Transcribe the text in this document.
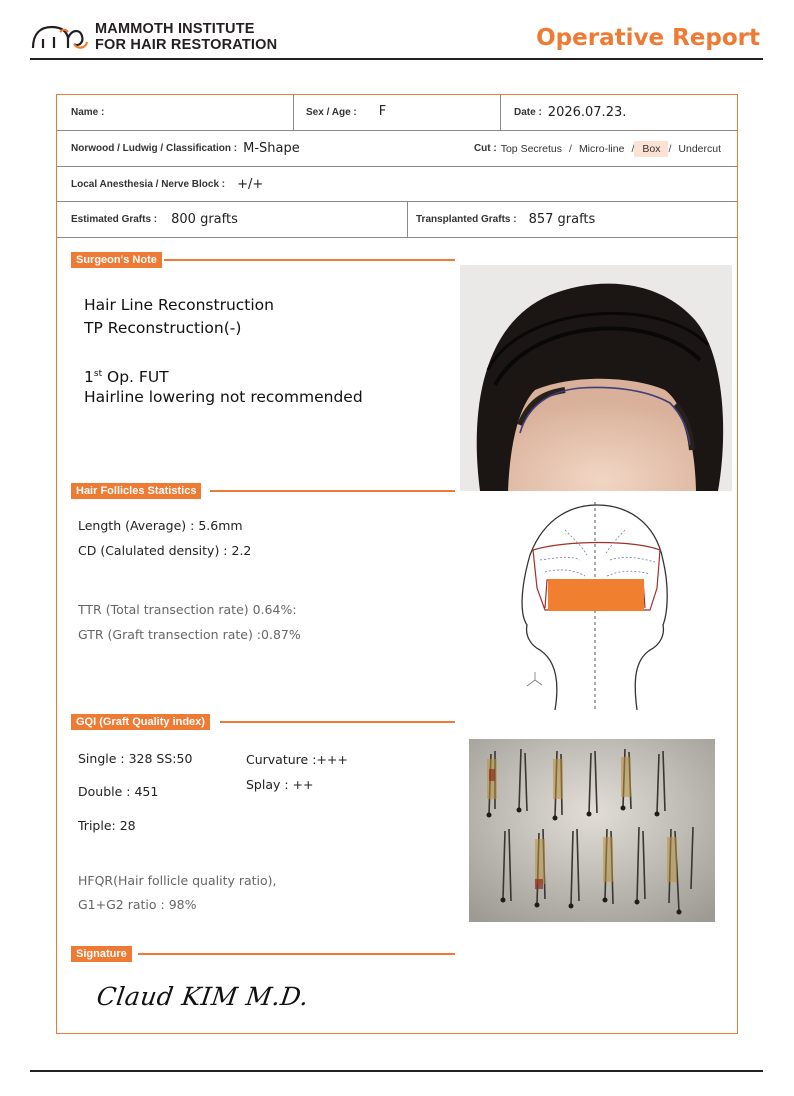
MAMMOTH INSTITUTE
FOR HAIR RESTORATION	Operative Report
Name :	Sex / Age : F	Date : 2026.07.23.
Norwood / Ludwig / Classification : M-Shape	Cut : Top Secretus / Micro-line / Box / Undercut
Local Anesthesia / Nerve Block : +/+
Estimated Grafts : 800 grafts	Transplanted Grafts : 857 grafts
Surgeon's Note

Hair Line Reconstruction

TP Reconstruction(-)

1st Op. FUT

Hairline lowering not recommended

Hair Follicles Statistics
Length (Average) : 5.6mm
CD (Calulated density) : 2.2
TTR (Total transection rate) 0.64%:
GTR (Graft transection rate) :0.87%
GQI (Graft Quality index)
Single : 328 SS:50
Double : 451
Triple: 28
Curvature :+++
Splay : ++
HFQR(Hair follicle quality ratio),
G1+G2 ratio : 98%
Signature
Claud KIM M.D.
